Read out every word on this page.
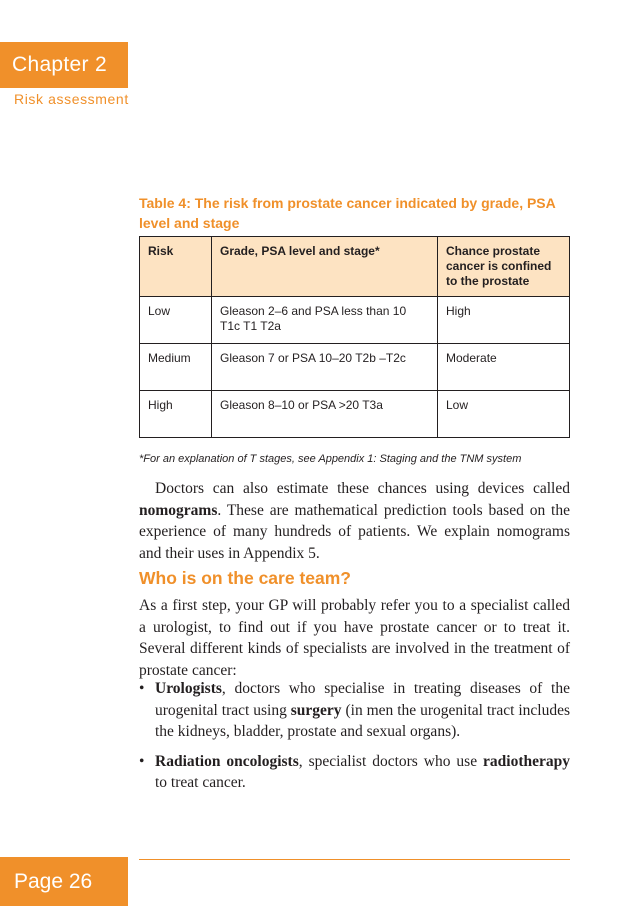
Chapter 2
Risk assessment
Table 4: The risk from prostate cancer indicated by grade, PSA level and stage
Risk	Grade, PSA level and stage*	Chance prostate cancer is confined to the prostate
Low	Gleason 2–6 and PSA less than 10 T1c T1 T2a	High
Medium	Gleason 7 or PSA 10–20 T2b –T2c	Moderate
High	Gleason 8–10 or PSA >20 T3a	Low
*For an explanation of T stages, see Appendix 1: Staging and the TNM system

Doctors can also estimate these chances using devices called nomograms. These are mathematical prediction tools based on the experience of many hundreds of patients. We explain nomograms and their uses in Appendix 5.

Who is on the care team?

As a first step, your GP will probably refer you to a specialist called a urologist, to find out if you have prostate cancer or to treat it. Several different kinds of specialists are involved in the treatment of prostate cancer:

• Urologists, doctors who specialise in treating diseases of the urogenital tract using surgery (in men the urogenital tract includes the kidneys, bladder, prostate and sexual organs).
• Radiation oncologists, specialist doctors who use radiotherapy to treat cancer.
Page 26
